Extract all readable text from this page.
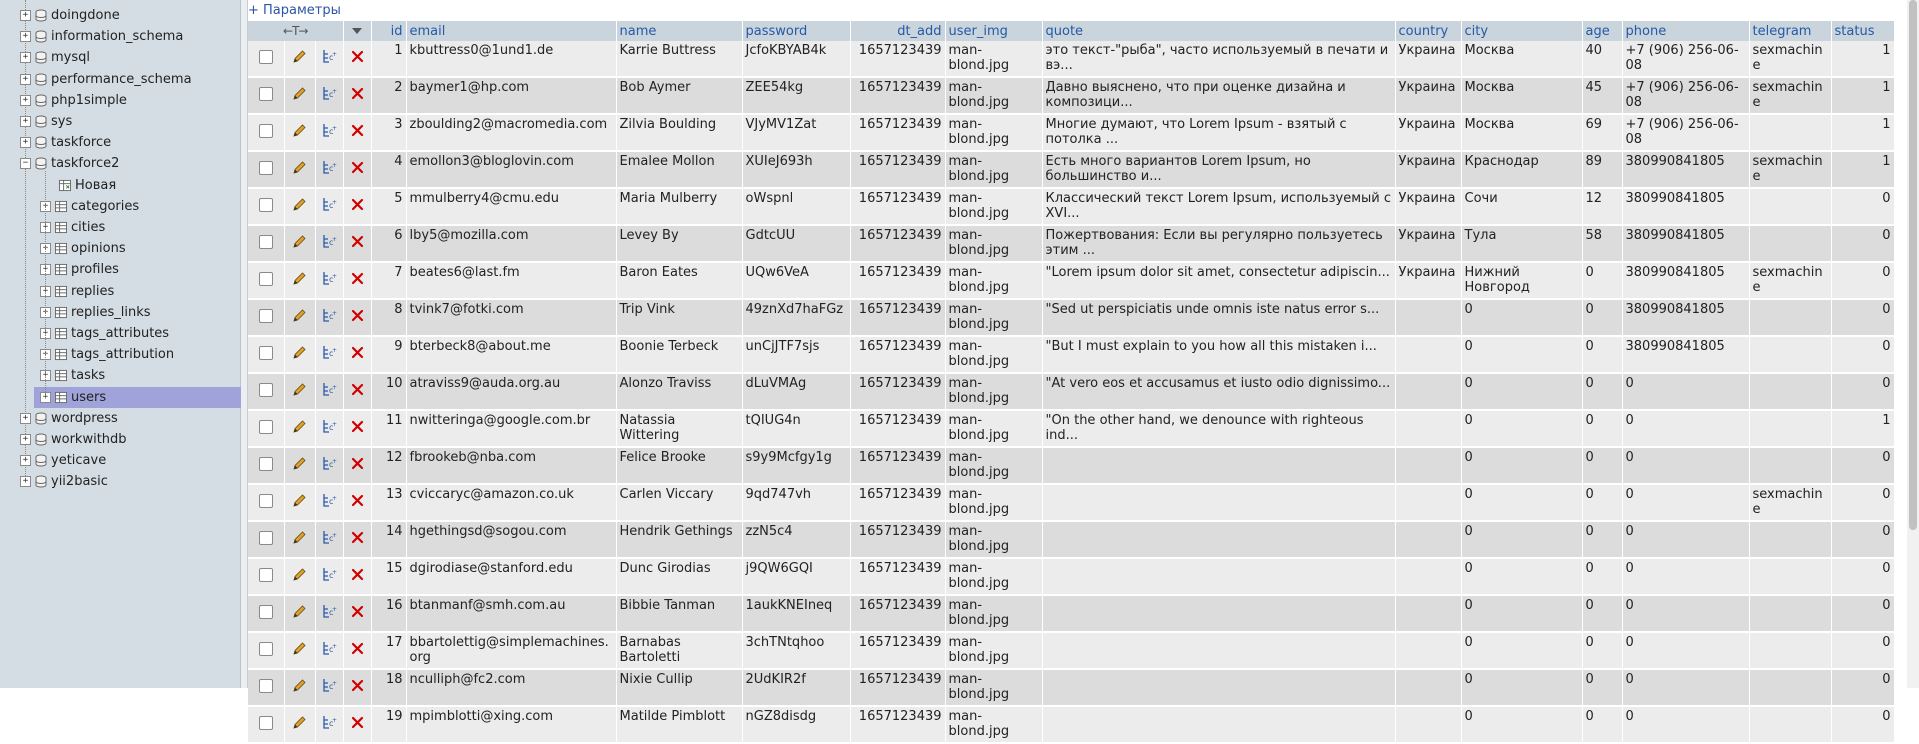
+ doingdone
+ information_schema
+ mysql
+ performance_schema
+ php1simple
+ sys
+ taskforce
− taskforce2
Новая
+ categories
+ cities
+ opinions
+ profiles
+ replies
+ replies_links
+ tags_attributes
+ tags_attribution
+ tasks
+ users
+ wordpress
+ workwithdb
+ yeticave
+ yii2basic
+ Параметры
←T→				id	email	name	password	dt_add	user_img	quote	country	city	age	phone	telegram	status

c
+		1	kbuttress0@1und1.de	Karrie Buttress	JcfoKBYAB4k	1657123439	man-blond.jpg	это текст-"рыба", часто используемый в печати и вэ...	Украина	Москва	40	+7 (906) 256-06-08	sexmachine	1

c
+		2	baymer1@hp.com	Bob Aymer	ZEE54kg	1657123439	man-blond.jpg	Давно выяснено, что при оценке дизайна и композици...	Украина	Москва	45	+7 (906) 256-06-08	sexmachine	1

c
+		3	zboulding2@macromedia.com	Zilvia Boulding	VJyMV1Zat	1657123439	man-blond.jpg	Многие думают, что Lorem Ipsum - взятый с потолка ...	Украина	Москва	69	+7 (906) 256-06-08		1

c
+		4	emollon3@bloglovin.com	Emalee Mollon	XUIeJ693h	1657123439	man-blond.jpg	Есть много вариантов Lorem Ipsum, но большинство и...	Украина	Краснодар	89	380990841805	sexmachine	1

c
+		5	mmulberry4@cmu.edu	Maria Mulberry	oWspnl	1657123439	man-blond.jpg	Классический текст Lorem Ipsum, используемый с XVI...	Украина	Сочи	12	380990841805		0

c
+		6	lby5@mozilla.com	Levey By	GdtcUU	1657123439	man-blond.jpg	Пожертвования: Если вы регулярно пользуетесь этим ...	Украина	Тула	58	380990841805		0

c
+		7	beates6@last.fm	Baron Eates	UQw6VeA	1657123439	man-blond.jpg	"Lorem ipsum dolor sit amet, consectetur adipiscin...	Украина	Нижний Новгород	0	380990841805	sexmachine	0

c
+		8	tvink7@fotki.com	Trip Vink	49znXd7haFGz	1657123439	man-blond.jpg	"Sed ut perspiciatis unde omnis iste natus error s...		0	0	380990841805		0

c
+		9	bterbeck8@about.me	Boonie Terbeck	unCjJTF7sjs	1657123439	man-blond.jpg	"But I must explain to you how all this mistaken i...		0	0	380990841805		0

c
+		10	atraviss9@auda.org.au	Alonzo Traviss	dLuVMAg	1657123439	man-blond.jpg	"At vero eos et accusamus et iusto odio dignissimo...		0	0	0		0

c
+		11	nwitteringa@google.com.br	Natassia Wittering	tQIUG4n	1657123439	man-blond.jpg	"On the other hand, we denounce with righteous ind...		0	0	0		1

c
+		12	fbrookeb@nba.com	Felice Brooke	s9y9Mcfgy1g	1657123439	man-blond.jpg			0	0	0		0

c
+		13	cviccaryc@amazon.co.uk	Carlen Viccary	9qd747vh	1657123439	man-blond.jpg			0	0	0	sexmachine	0

c
+		14	hgethingsd@sogou.com	Hendrik Gethings	zzN5c4	1657123439	man-blond.jpg			0	0	0		0

c
+		15	dgirodiase@stanford.edu	Dunc Girodias	j9QW6GQI	1657123439	man-blond.jpg			0	0	0		0

c
+		16	btanmanf@smh.com.au	Bibbie Tanman	1aukKNEIneq	1657123439	man-blond.jpg			0	0	0		0

c
+		17	bbartolettig@simplemachines.org	Barnabas Bartoletti	3chTNtqhoo	1657123439	man-blond.jpg			0	0	0		0

c
+		18	nculliph@fc2.com	Nixie Cullip	2UdKIR2f	1657123439	man-blond.jpg			0	0	0		0

c
+		19	mpimblotti@xing.com	Matilde Pimblott	nGZ8disdg	1657123439	man-blond.jpg			0	0	0		0
